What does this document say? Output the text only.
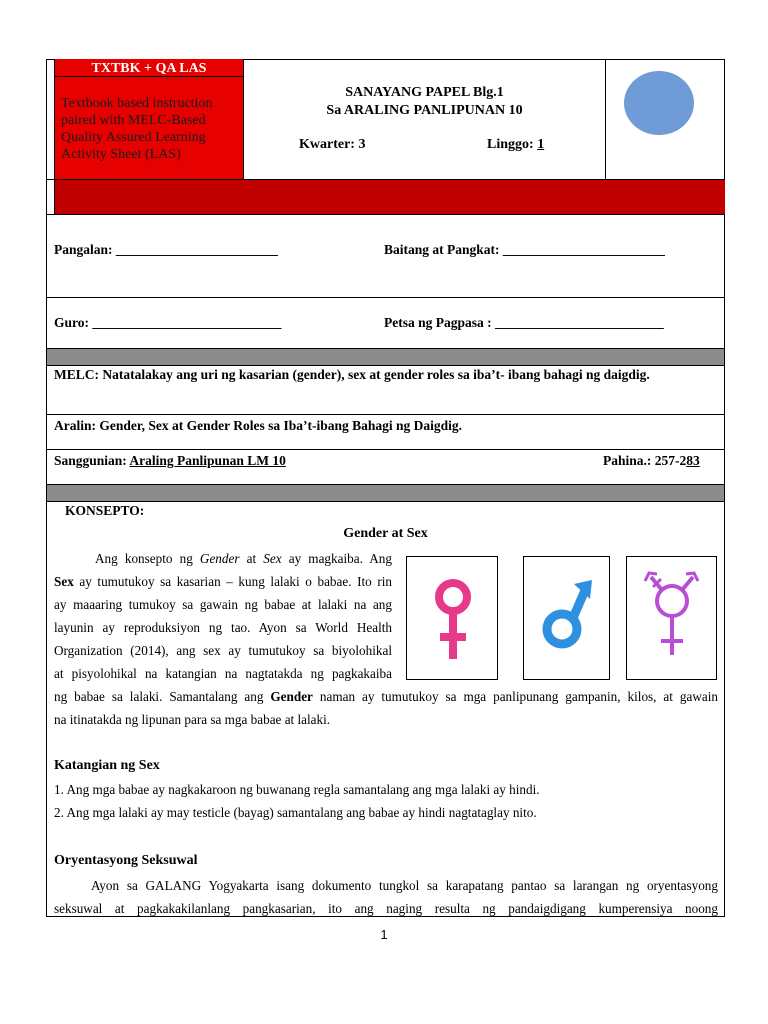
TXTBK + QA LAS
Textbook based instruction paired with MELC-Based Quality Assured Learning Activity Sheet (LAS)
SANAYANG PAPEL Blg.1
Sa ARALING PANLIPUNAN 10
Kwarter: 3	Linggo: 1
Pangalan: ________________________	Baitang at Pangkat: ________________________
Guro: ____________________________	Petsa ng Pagpasa : _________________________
MELC: Natatalakay ang uri ng kasarian (gender), sex at gender roles sa iba’t- ibang bahagi ng daigdig.
Aralin: Gender, Sex at Gender Roles sa Iba’t-ibang Bahagi ng Daigdig.
Sanggunian: Araling Panlipunan LM 10	Pahina.: 257-283
KONSEPTO:
Gender at Sex

Ang konsepto ng Gender at Sex ay magkaiba. Ang

Sex ay tumutukoy sa kasarian – kung lalaki o babae. Ito rin

ay maaaring tumukoy sa gawain ng babae at lalaki na ang

layunin ay reproduksiyon ng tao. Ayon sa World Health

Organization (2014), ang sex ay tumutukoy sa biyolohikal

at pisyolohikal na katangian na nagtatakda ng pagkakaiba

ng babae sa lalaki. Samantalang ang Gender naman ay tumutukoy sa mga panlipunang gampanin, kilos, at gawain

na itinatakda ng lipunan para sa mga babae at lalaki.

Katangian ng Sex

1. Ang mga babae ay nagkakaroon ng buwanang regla samantalang ang mga lalaki ay hindi.

2. Ang mga lalaki ay may testicle (bayag) samantalang ang babae ay hindi nagtataglay nito.

Oryentasyong Seksuwal

Ayon sa GALANG Yogyakarta isang dokumento tungkol sa karapatang pantao sa larangan ng oryentasyong

seksuwal at pagkakakilanlang pangkasarian, ito ang naging resulta ng pandaigdigang kumperensiya noong

1
